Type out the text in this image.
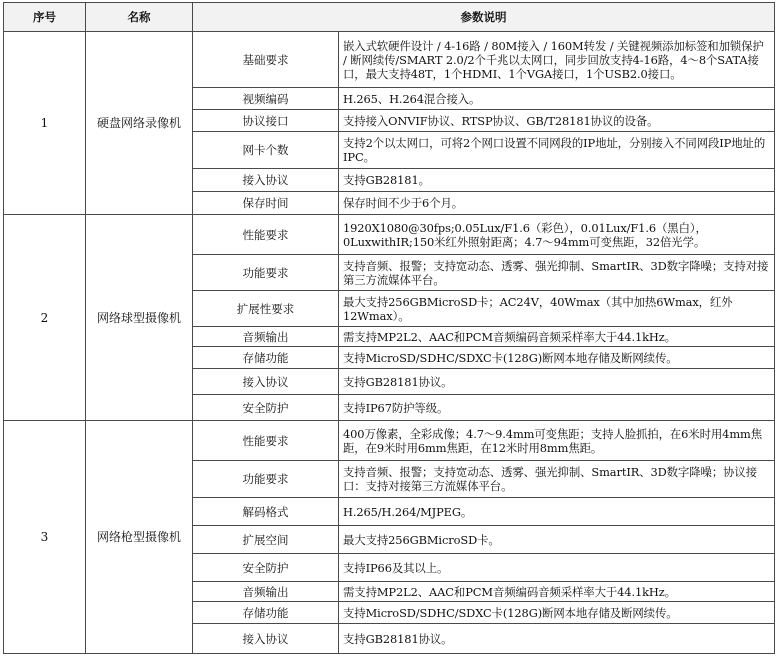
序号	名称	参数说明	
1	硬盘网络录像机	基础要求	嵌入式软硬件设计 / 4-16路 / 80M接入 / 160M转发 / 关键视频添加标签和加锁保护 / 断网续传/SMART 2.0/2个千兆以太网口，同步回放支持4-16路，4～8个SATA接口，最大支持48T，1个HDMI、1个VGA接口，1个USB2.0接口。
		视频编码	H.265、H.264混合接入。
		协议接口	支持接入ONVIF协议、RTSP协议、GB/T28181协议的设备。
		网卡个数	支持2个以太网口，可将2个网口设置不同网段的IP地址，分别接入不同网段IP地址的IPC。
		接入协议	支持GB28181。
		保存时间	保存时间不少于6个月。
2	网络球型摄像机	性能要求	1920X1080@30fps;0.05Lux/F1.6（彩色），0.01Lux/F1.6（黑白），0LuxwithIR;150米红外照射距离；4.7～94mm可变焦距，32倍光学。
		功能要求	支持音频、报警；支持宽动态、透雾、强光抑制、SmartIR、3D数字降噪；支持对接第三方流媒体平台。
		扩展性要求	最大支持256GBMicroSD卡；AC24V，40Wmax（其中加热6Wmax，红外12Wmax）。
		音频输出	需支持MP2L2、AAC和PCM音频编码音频采样率大于44.1kHz。
		存储功能	支持MicroSD/SDHC/SDXC卡(128G)断网本地存储及断网续传。
		接入协议	支持GB28181协议。
		安全防护	支持IP67防护等级。
3	网络枪型摄像机	性能要求	400万像素，全彩成像；4.7～9.4mm可变焦距；支持人脸抓拍，在6米时用4mm焦距，在9米时用6mm焦距，在12米时用8mm焦距。
		功能要求	支持音频、报警；支持宽动态、透雾、强光抑制、SmartIR、3D数字降噪；协议接口：支持对接第三方流媒体平台。
		解码格式	H.265/H.264/MJPEG。
		扩展空间	最大支持256GBMicroSD卡。
		安全防护	支持IP66及其以上。
		音频输出	需支持MP2L2、AAC和PCM音频编码音频采样率大于44.1kHz。
		存储功能	支持MicroSD/SDHC/SDXC卡(128G)断网本地存储及断网续传。
		接入协议	支持GB28181协议。
